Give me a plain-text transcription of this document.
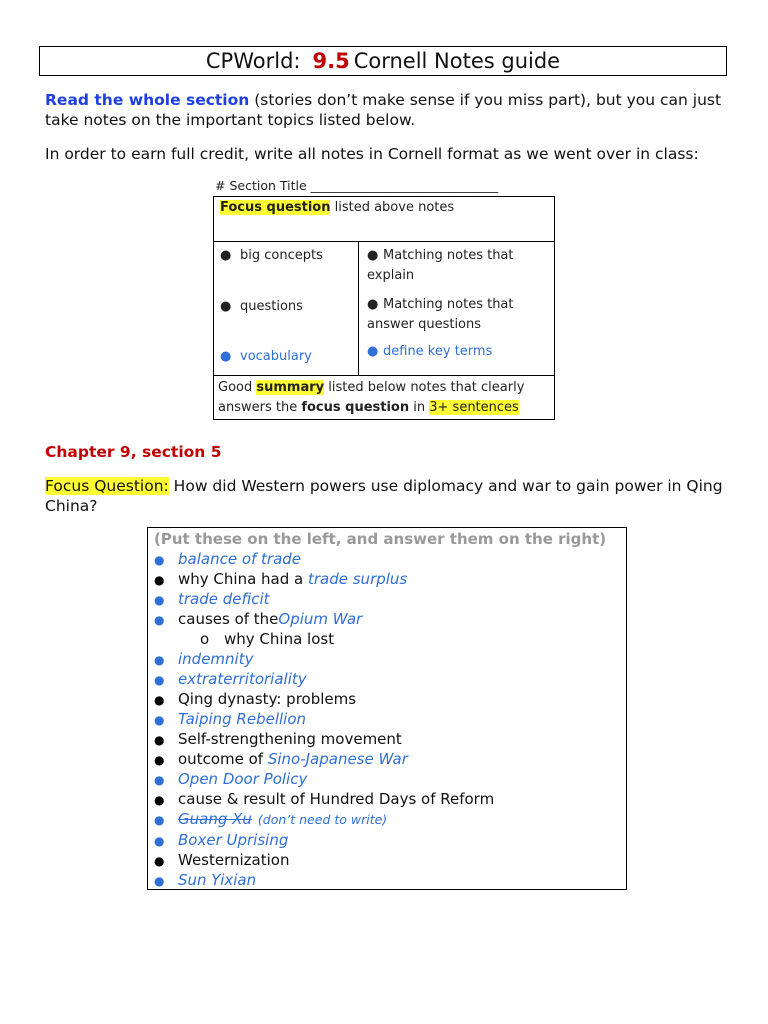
CPWorld: 9.5 Cornell Notes guide
Read the whole section (stories don’t make sense if you miss part), but you can just take notes on the important topics listed below.
In order to earn full credit, write all notes in Cornell format as we went over in class:
# Section Title ______________________________
Focus question listed above notes
● big concepts
● questions
● vocabulary
● Matching notes that explain
● Matching notes that answer questions
● define key terms
Good summary listed below notes that clearly answers the focus question in 3+ sentences
Chapter 9, section 5
Focus Question: How did Western powers use diplomacy and war to gain power in Qing China?
(Put these on the left, and answer them on the right)
● balance of trade
● why China had a trade surplus
● trade deficit
● causes of theOpium War
o why China lost
● indemnity
● extraterritoriality
● Qing dynasty: problems
● Taiping Rebellion
● Self-strengthening movement
● outcome of Sino-Japanese War
● Open Door Policy
● cause & result of Hundred Days of Reform
● Guang Xu (don’t need to write)
● Boxer Uprising
● Westernization
● Sun Yixian
